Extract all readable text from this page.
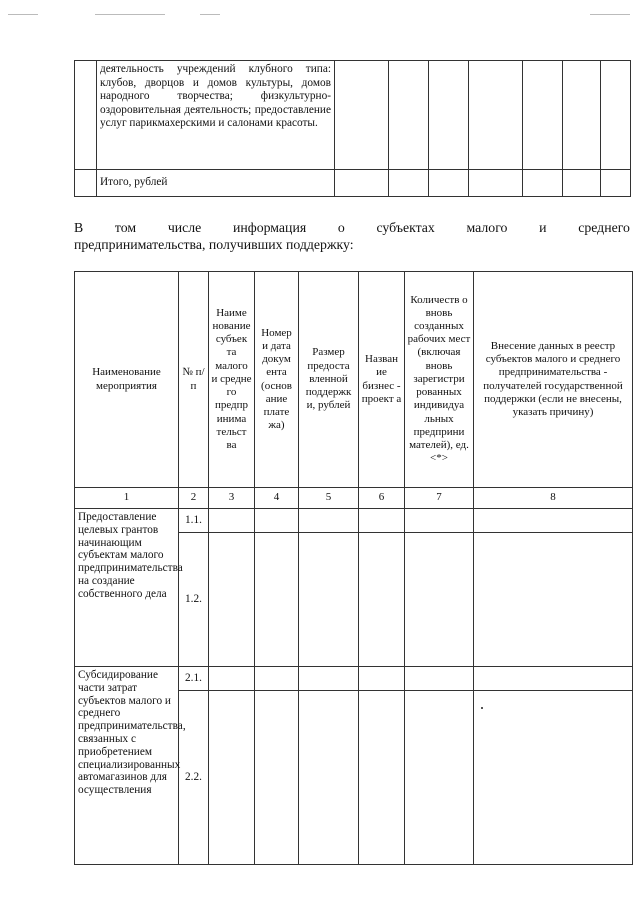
	деятельность учреждений клубного типа: клубов, дворцов и домов культуры, домов народного творчества; физкультурно-оздоровительная деятельность; предоставление услуг парикмахерскими и салонами красоты.							
	Итого, рублей							
В том числе информация о субъектах малого и среднего
предпринимательства, получивших поддержку:
Наименование мероприятия	№ п/п	Наиме нование субъек та малого и средне го предпр инима тельст ва	Номер и дата докум ента (основ ание плате жа)	Размер предоста вленной поддержк и, рублей	Назван ие бизнес - проект а	Количеств о вновь созданных рабочих мест (включая вновь зарегистри рованных индивидуа льных предприни мателей), ед. <*>	Внесение данных в реестр субъектов малого и среднего предпринимательства - получателей государственной поддержки (если не внесены, указать причину)
1	2	3	4	5	6	7	8
Предоставление целевых грантов начинающим субъектам малого предпринимательства на создание собственного дела	1.1.						
	1.2.						
Субсидирование части затрат субъектов малого и среднего предпринимательства, связанных с приобретением специализированных автомагазинов для осуществления	2.1.						
	2.2.						
